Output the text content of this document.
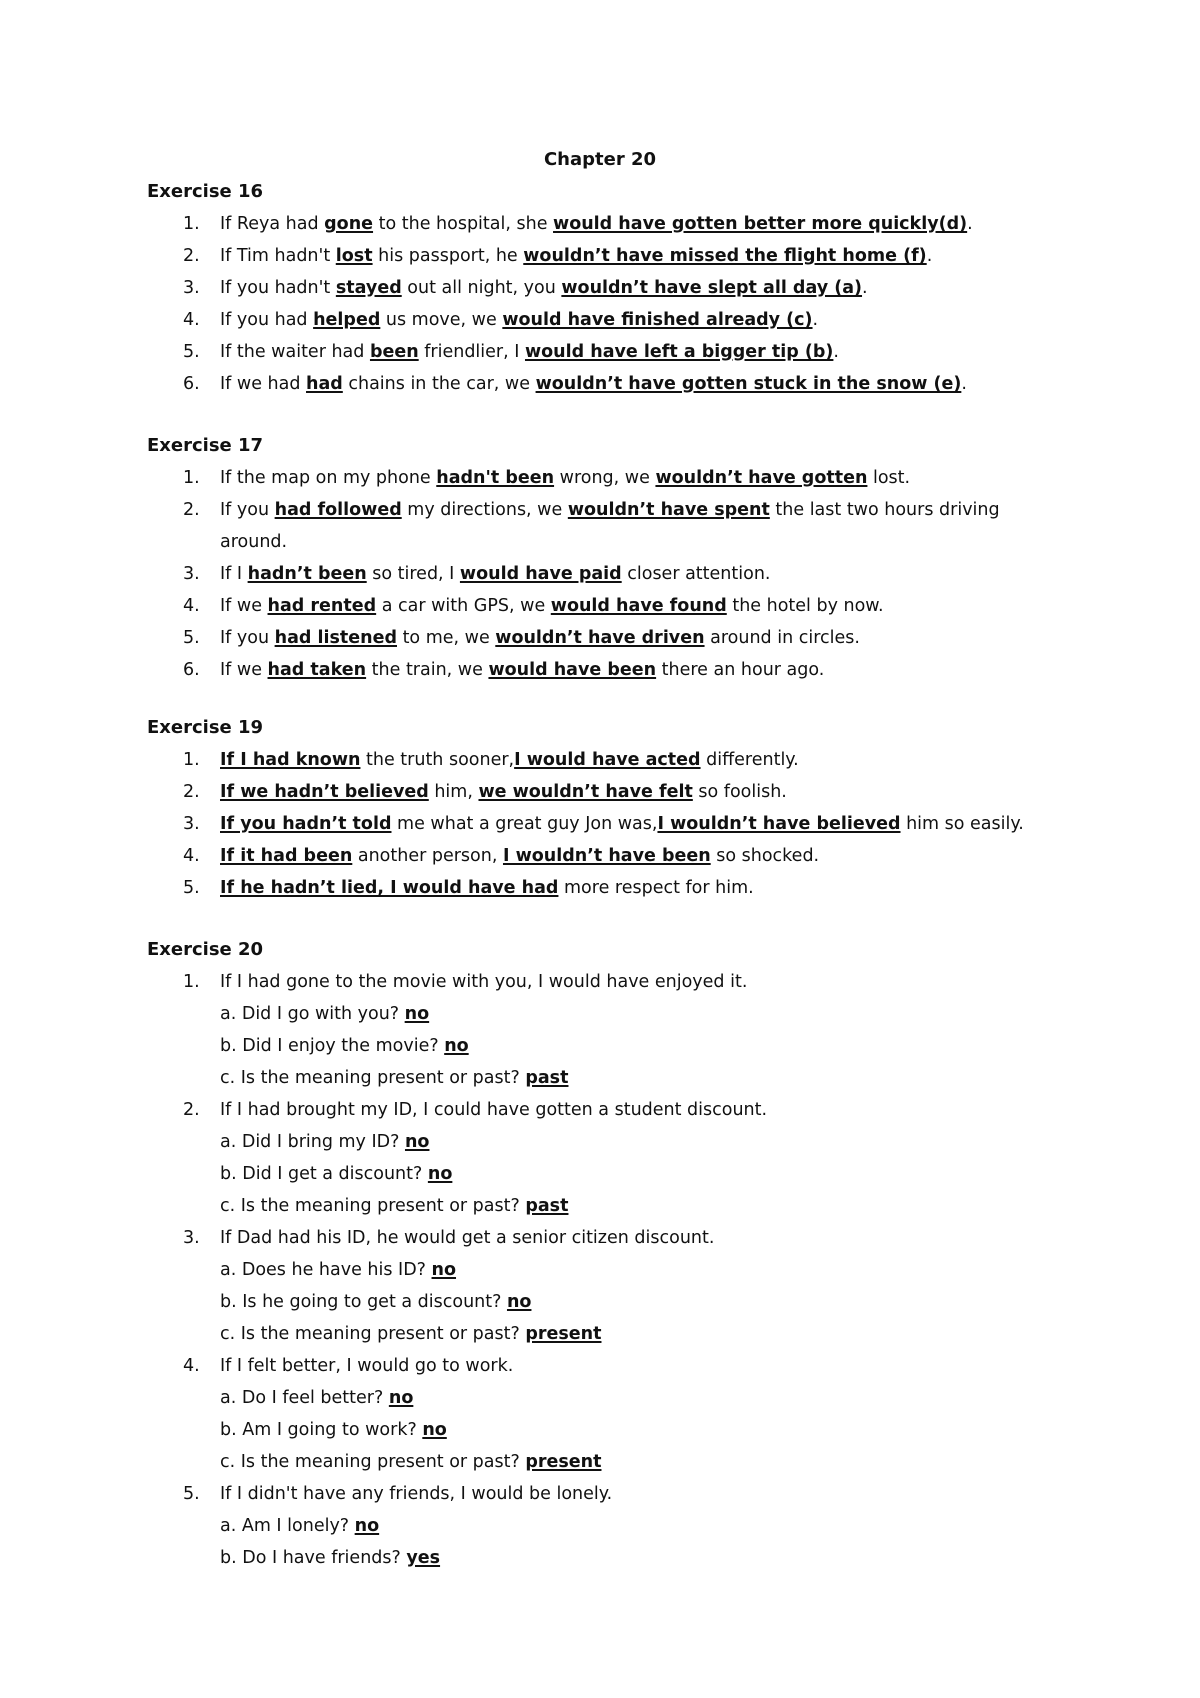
Chapter 20
Exercise 16
1.	If Reya had gone to the hospital, she would have gotten better more quickly(d).
2.	If Tim hadn't lost his passport, he wouldn’t have missed the flight home (f).
3.	If you hadn't stayed out all night, you wouldn’t have slept all day (a).
4.	If you had helped us move, we would have finished already (c).
5.	If the waiter had been friendlier, I would have left a bigger tip (b).
6.	If we had had chains in the car, we wouldn’t have gotten stuck in the snow (e).
Exercise 17
1.	If the map on my phone hadn't been wrong, we wouldn’t have gotten lost.
2.	If you had followed my directions, we wouldn’t have spent the last two hours driving
around.
3.	If I hadn’t been so tired, I would have paid closer attention.
4.	If we had rented a car with GPS, we would have found the hotel by now.
5.	If you had listened to me, we wouldn’t have driven around in circles.
6.	If we had taken the train, we would have been there an hour ago.
Exercise 19
1.	If I had known the truth sooner,I would have acted differently.
2.	If we hadn’t believed him, we wouldn’t have felt so foolish.
3.	If you hadn’t told me what a great guy Jon was,I wouldn’t have believed him so easily.
4.	If it had been another person, I wouldn’t have been so shocked.
5.	If he hadn’t lied, I would have had more respect for him.
Exercise 20
1.	If I had gone to the movie with you, I would have enjoyed it.
a. Did I go with you? no
b. Did I enjoy the movie? no
c. Is the meaning present or past? past
2.	If I had brought my ID, I could have gotten a student discount.
a. Did I bring my ID? no
b. Did I get a discount? no
c. Is the meaning present or past? past
3.	If Dad had his ID, he would get a senior citizen discount.
a. Does he have his ID? no
b. Is he going to get a discount? no
c. Is the meaning present or past? present
4.	If I felt better, I would go to work.
a. Do I feel better? no
b. Am I going to work? no
c. Is the meaning present or past? present
5.	If I didn't have any friends, I would be lonely.
a. Am I lonely? no
b. Do I have friends? yes
